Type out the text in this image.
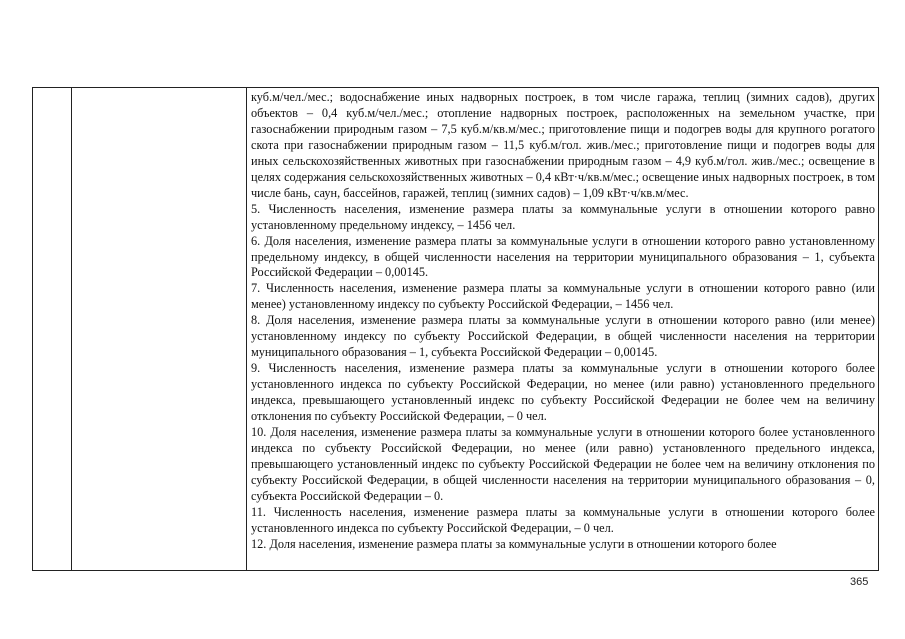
куб.м/чел./мес.; водоснабжение иных надворных построек, в том числе гаража, теплиц (зимних садов), других объектов – 0,4 куб.м/чел./мес.; отопление надворных построек, расположенных на земельном участке, при газоснабжении природным газом – 7,5 куб.м/кв.м/мес.; приготовление пищи и подогрев воды для крупного рогатого скота при газоснабжении природным газом – 11,5 куб.м/гол. жив./мес.; приготовление пищи и подогрев воды для иных сельскохозяйственных животных при газоснабжении природным газом – 4,9 куб.м/гол. жив./мес.; освещение в целях содержания сельскохозяйственных животных – 0,4 кВт·ч/кв.м/мес.; освещение иных надворных построек, в том числе бань, саун, бассейнов, гаражей, теплиц (зимних садов) – 1,09 кВт·ч/кв.м/мес.

5. Численность населения, изменение размера платы за коммунальные услуги в отношении которого равно установленному предельному индексу, – 1456 чел.

6. Доля населения, изменение размера платы за коммунальные услуги в отношении которого равно установленному предельному индексу, в общей численности населения на территории муниципального образования – 1, субъекта Российской Федерации – 0,00145.

7. Численность населения, изменение размера платы за коммунальные услуги в отношении которого равно (или менее) установленному индексу по субъекту Российской Федерации, – 1456 чел.

8. Доля населения, изменение размера платы за коммунальные услуги в отношении которого равно (или менее) установленному индексу по субъекту Российской Федерации, в общей численности населения на территории муниципального образования – 1, субъекта Российской Федерации – 0,00145.

9. Численность населения, изменение размера платы за коммунальные услуги в отношении которого более установленного индекса по субъекту Российской Федерации, но менее (или равно) установленного предельного индекса, превышающего установленный индекс по субъекту Российской Федерации не более чем на величину отклонения по субъекту Российской Федерации, – 0 чел.

10. Доля населения, изменение размера платы за коммунальные услуги в отношении которого более установленного индекса по субъекту Российской Федерации, но менее (или равно) установленного предельного индекса, превышающего установленный индекс по субъекту Российской Федерации не более чем на величину отклонения по субъекту Российской Федерации, в общей численности населения на территории муниципального образования – 0, субъекта Российской Федерации – 0.

11. Численность населения, изменение размера платы за коммунальные услуги в отношении которого более установленного индекса по субъекту Российской Федерации, – 0 чел.

12. Доля населения, изменение размера платы за коммунальные услуги в отношении которого более

365
